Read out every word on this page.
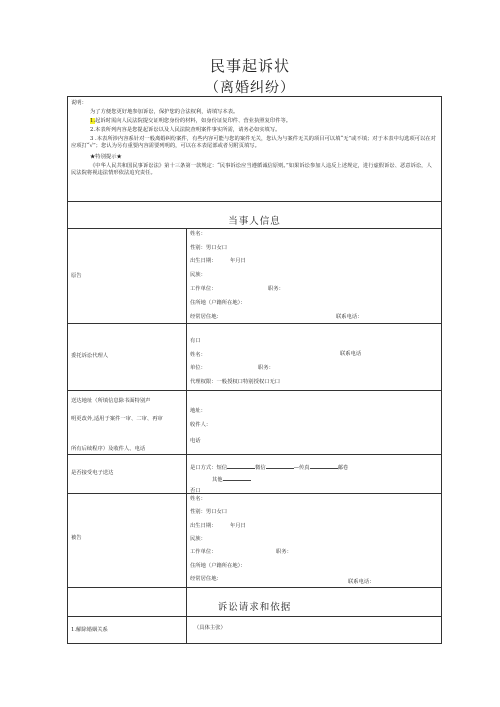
民事起诉状
（离婚纠纷）
说明：
为了方便您更好地参加诉讼，保护您的合法权利，请填写本表。
1.起诉时需向人民法院提交证明您身份的材料，如身份证复印件、营业执照复印件等。
2.本表所列内容是您提起诉讼以及人民法院查明案件事实所需，请务必如实填写。
3 .本表所涉内容系针对一般离婚纠纷案件，有些内容可能与您的案件无关，您认为与案件无关的项目可以填“无”或不填；对于本表中勾选项可以在对应项打“√”；您认为另有重要内容需要列明的，可以在本表尾部或者另附页填写。
★特别提示★
《中华人民共和国民事诉讼法》第十三条第一款规定：“民事诉讼应当遵循诚信原则。”如果诉讼参加人违反上述规定，进行虚假诉讼、恶意诉讼，人民法院将视违法情形依法追究责任。
当事人信息
原告
姓名：
性别：男口女口
出生日期：        年月日
民族：
工作单位：	职务：
住所地（户籍所在地）：
经常居住地：	联系电话：
委托诉讼代理人
有口
姓名：	联系电话
单位：	职务：
代理权限：一般授权口特别授权口无口
送达地址（所填信息除书面特别声
明更改外,适用于案件一审、二审、再审
所有后续程序）及收件人、电话
地址：
收件人：
电话
是否接受电子送达
是口方式：短信	微信	—传真	邮卷
其他
否口
被告
姓名：
性别：男口女口
出生日期：        年月日
民族：
工作单位：	职务：
住所地（户籍所在地）：
经常居住地：	联系电话：
诉讼请求和依据
1.解除婚姻关系	（具体主张）
